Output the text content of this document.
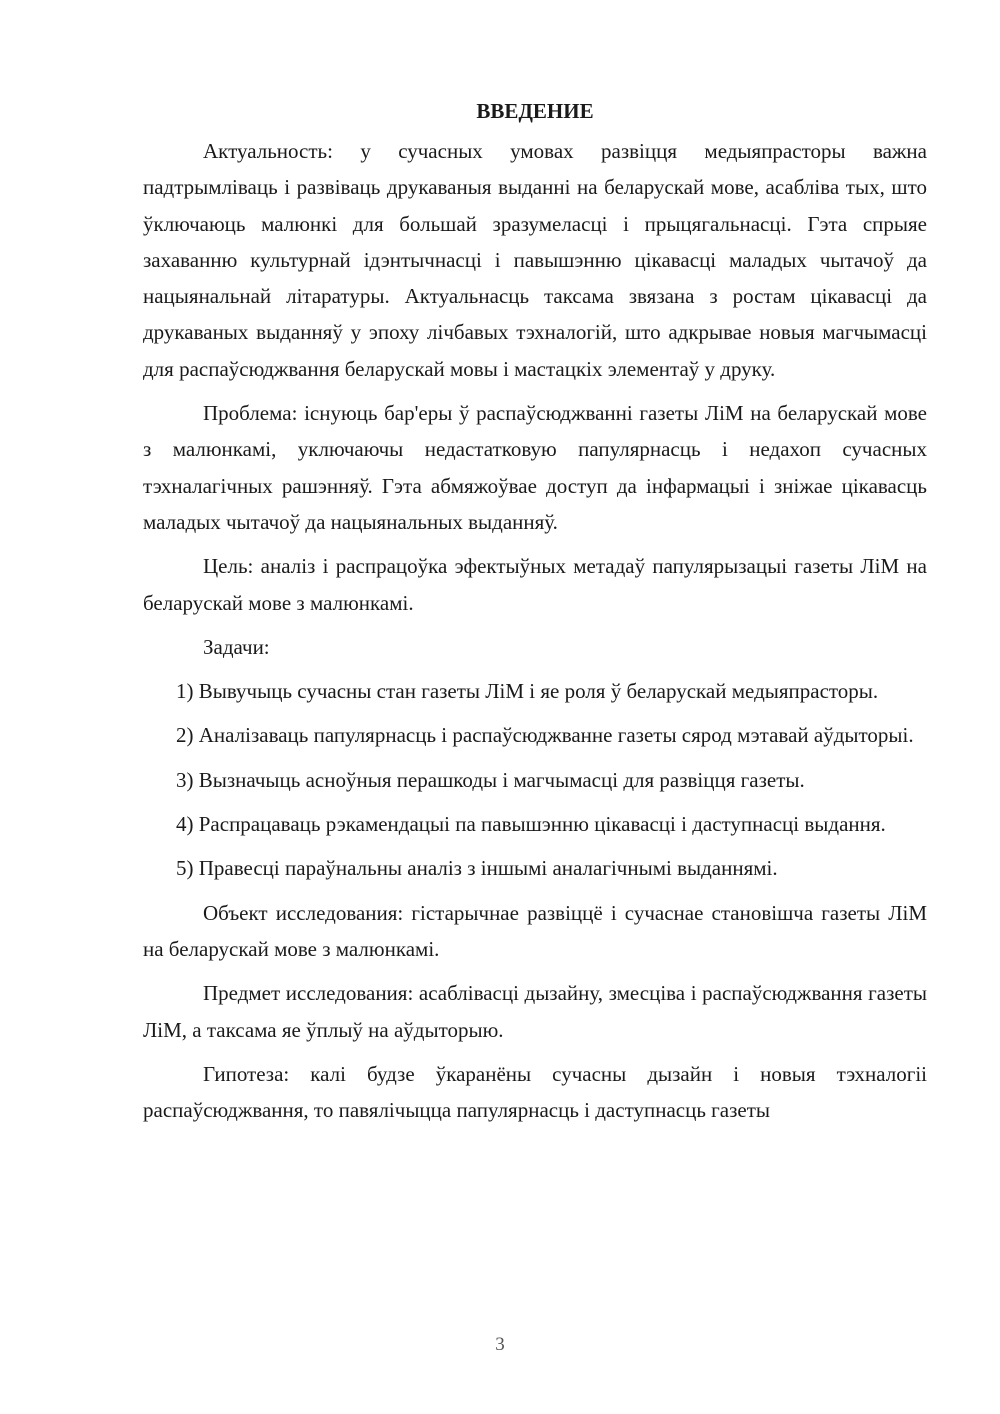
ВВЕДЕНИЕ

Актуальность: у сучасных умовах развіцця медыяпрасторы важна падтрымліваць і развіваць друкаваныя выданні на беларускай мове, асабліва тых, што ўключаюць малюнкі для большай зразумеласці і прыцягальнасці. Гэта спрыяе захаванню культурнай ідэнтычнасці і павышэнню цікавасці маладых чытачоў да нацыянальнай літаратуры. Актуальнасць таксама звязана з ростам цікавасці да друкаваных выданняў у эпоху лічбавых тэхналогій, што адкрывае новыя магчымасці для распаўсюджвання беларускай мовы і мастацкіх элементаў у друку.

Проблема: існуюць бар'еры ў распаўсюджванні газеты ЛіМ на беларускай мове з малюнкамі, уключаючы недастатковую папулярнасць і недахоп сучасных тэхналагічных рашэнняў. Гэта абмяжоўвае доступ да інфармацыі і зніжае цікавасць маладых чытачоў да нацыянальных выданняў.

Цель: аналіз і распрацоўка эфектыўных метадаў папулярызацыі газеты ЛіМ на беларускай мове з малюнкамі.

Задачи:

1) Вывучыць сучасны стан газеты ЛіМ і яе роля ў беларускай медыяпрасторы.

2) Аналізаваць папулярнасць і распаўсюджванне газеты сярод мэтавай аўдыторыі.

3) Вызначыць асноўныя перашкоды і магчымасці для развіцця газеты.

4) Распрацаваць рэкамендацыі па павышэнню цікавасці і даступнасці выдання.

5) Правесці параўнальны аналіз з іншымі аналагічнымі выданнямі.

Объект исследования: гістарычнае развіццё і сучаснае становішча газеты ЛіМ на беларускай мове з малюнкамі.

Предмет исследования: асаблівасці дызайну, змесціва і распаўсюджвання газеты ЛіМ, а таксама яе ўплыў на аўдыторыю.

Гипотеза: калі будзе ўкаранёны сучасны дызайн і новыя тэхналогіі распаўсюджвання, то павялічыцца папулярнасць і даступнасць газеты

3
